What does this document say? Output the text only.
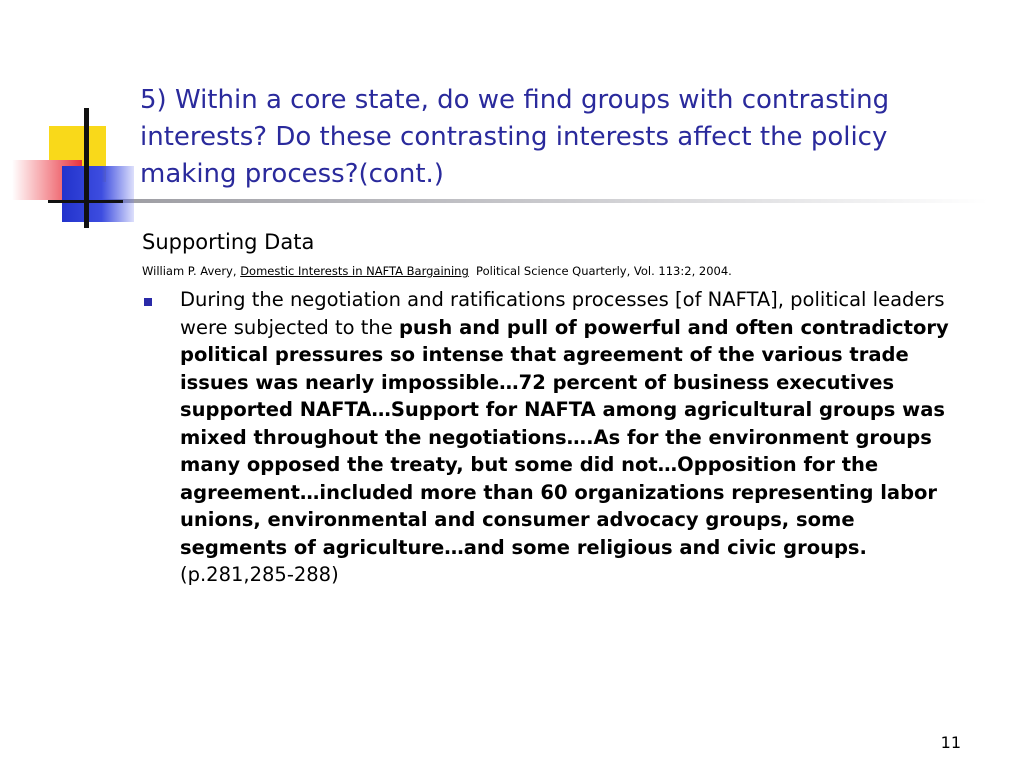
5) Within a core state, do we find groups with contrasting interests? Do these contrasting interests affect the policy making process?(cont.)

Supporting Data

William P. Avery, Domestic Interests in NAFTA Bargaining  Political Science Quarterly, Vol. 113:2, 2004.

During the negotiation and ratifications processes [of NAFTA], political leaders were subjected to the push and pull of powerful and often contradictory political pressures so intense that agreement of the various trade issues was nearly impossible…72 percent of business executives supported NAFTA…Support for NAFTA among agricultural groups was mixed throughout the negotiations….As for the environment groups many opposed the treaty, but some did not…Opposition for the agreement…included more than 60 organizations representing labor unions, environmental and consumer advocacy groups, some segments of agriculture…and some religious and civic groups. (p.281,285-288)

11
